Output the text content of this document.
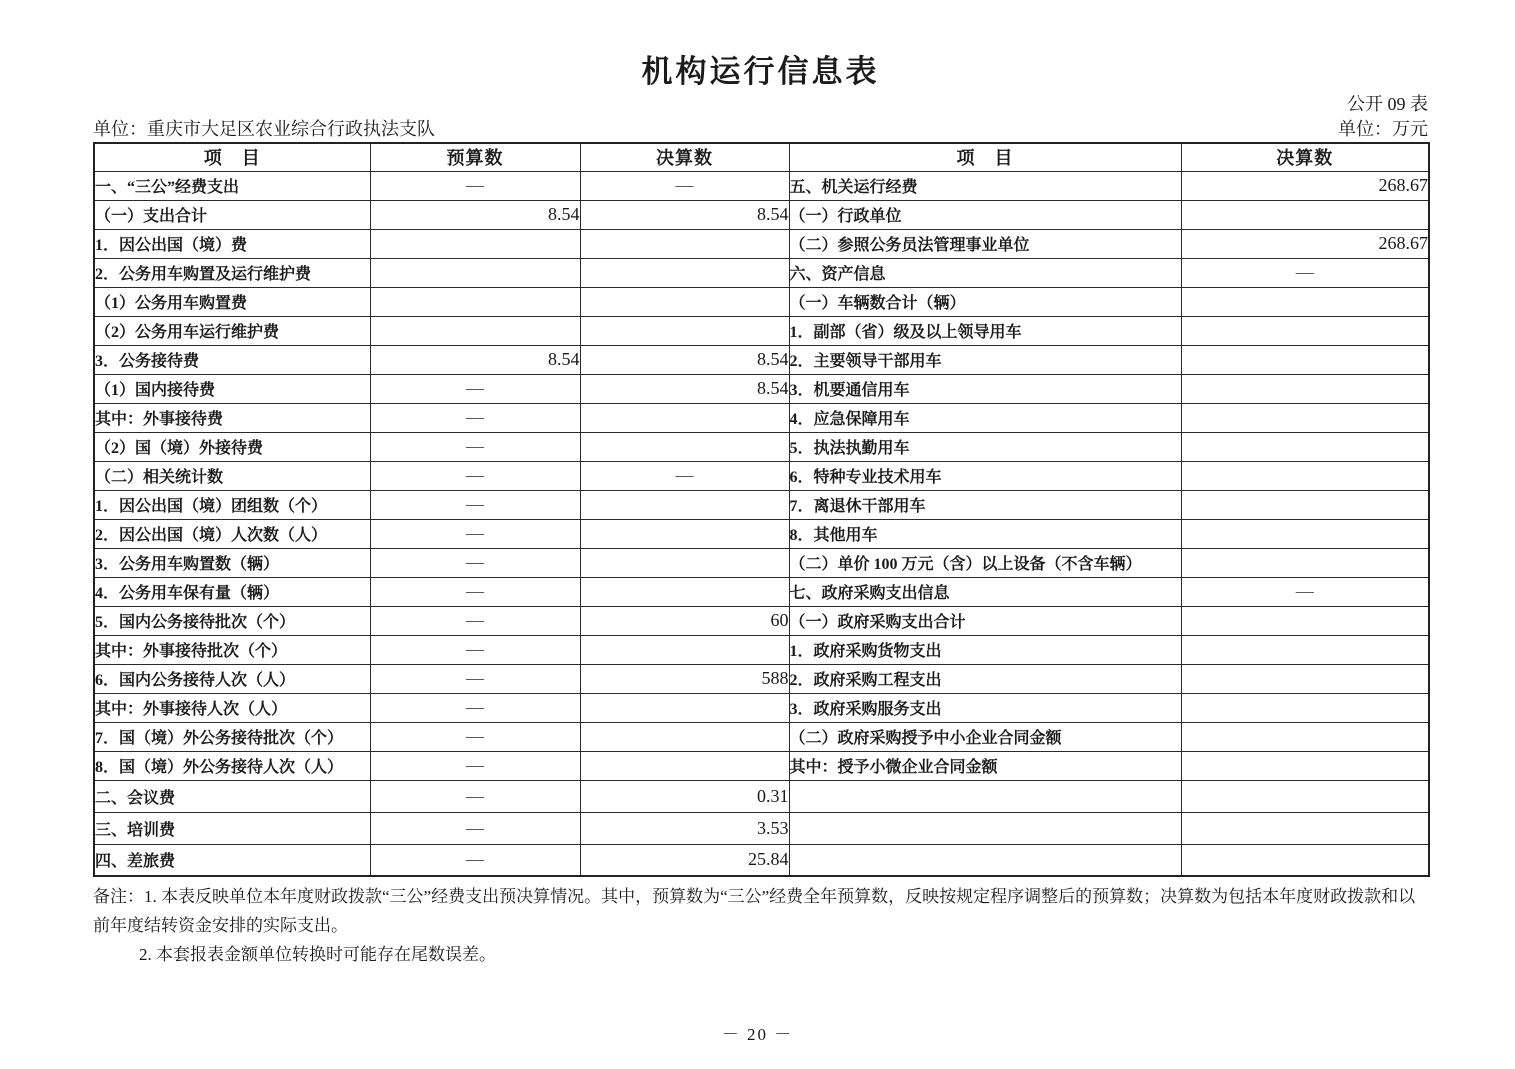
机构运行信息表
公开 09 表
单位：重庆市大足区农业综合行政执法支队	单位：万元
项　目	预算数	决算数	项　目	决算数
一、“三公”经费支出	—	—	五、机关运行经费	268.67
（一）支出合计	8.54	8.54	（一）行政单位	
1．因公出国（境）费			（二）参照公务员法管理事业单位	268.67
2．公务用车购置及运行维护费			六、资产信息	—
（1）公务用车购置费			（一）车辆数合计（辆）	
（2）公务用车运行维护费			1．副部（省）级及以上领导用车	
3．公务接待费	8.54	8.54	2．主要领导干部用车	
（1）国内接待费	—	8.54	3．机要通信用车	
其中：外事接待费	—		4．应急保障用车	
（2）国（境）外接待费	—		5．执法执勤用车	
（二）相关统计数	—	—	6．特种专业技术用车	
1．因公出国（境）团组数（个）	—		7．离退休干部用车	
2．因公出国（境）人次数（人）	—		8．其他用车	
3．公务用车购置数（辆）	—		（二）单价 100 万元（含）以上设备（不含车辆）	
4．公务用车保有量（辆）	—		七、政府采购支出信息	—
5．国内公务接待批次（个）	—	60	（一）政府采购支出合计	
其中：外事接待批次（个）	—		1．政府采购货物支出	
6．国内公务接待人次（人）	—	588	2．政府采购工程支出	
其中：外事接待人次（人）	—		3．政府采购服务支出	
7．国（境）外公务接待批次（个）	—		（二）政府采购授予中小企业合同金额	
8．国（境）外公务接待人次（人）	—		其中：授予小微企业合同金额	
二、会议费	—	0.31		
三、培训费	—	3.53		
四、差旅费	—	25.84		

备注：1. 本表反映单位本年度财政拨款“三公”经费支出预决算情况。其中，预算数为“三公”经费全年预算数，反映按规定程序调整后的预算数；决算数为包括本年度财政拨款和以前年度结转资金安排的实际支出。

2. 本套报表金额单位转换时可能存在尾数误差。

－ 20 －
